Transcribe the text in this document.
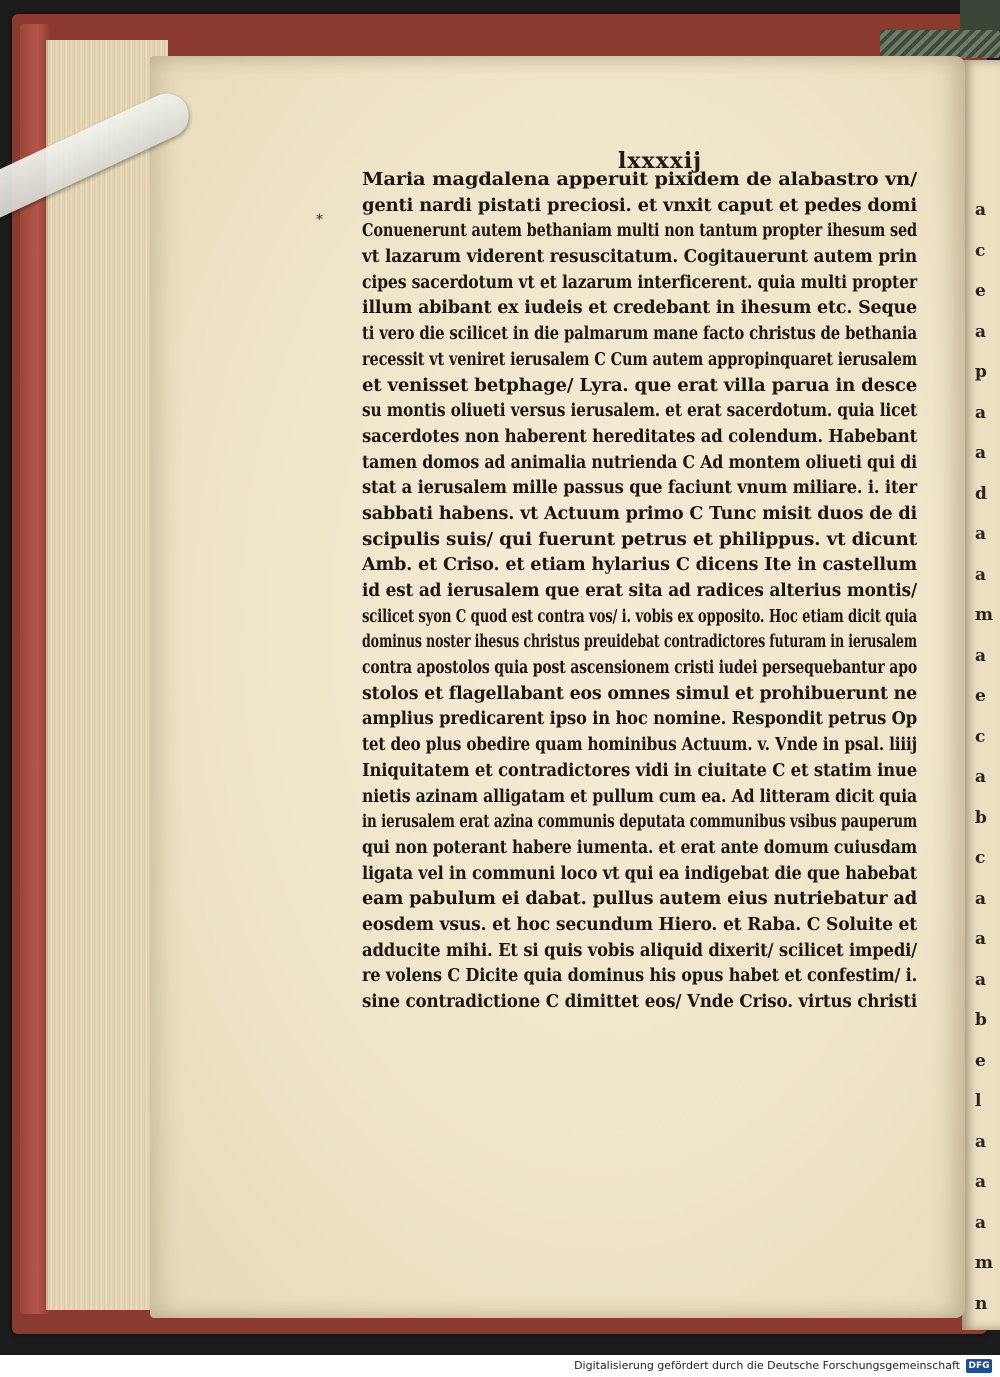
a
c
e
a
p
a
a
d
a
a
m
a
e
c
a
b
c
a
a
a
b
e
l
a
a
a
m
n
lxxxxij
*
Maria magdalena apperuit pixidem de alabastro vn/
genti nardi pistati preciosi. et vnxit caput et pedes domi
Conuenerunt autem bethaniam multi non tantum propter ihesum sed
vt lazarum viderent resuscitatum. Cogitauerunt autem prin
cipes sacerdotum vt et lazarum interficerent. quia multi propter
illum abibant ex iudeis et credebant in ihesum etc. Seque
ti vero die scilicet in die palmarum mane facto christus de bethania
recessit vt veniret ierusalem C Cum autem appropinquaret ierusalem
et venisset betphage/ Lyra. que erat villa parua in desce
su montis oliueti versus ierusalem. et erat sacerdotum. quia licet
sacerdotes non haberent hereditates ad colendum. Habebant
tamen domos ad animalia nutrienda C Ad montem oliueti qui di
stat a ierusalem mille passus que faciunt vnum miliare. i. iter
sabbati habens. vt Actuum primo C Tunc misit duos de di
scipulis suis/ qui fuerunt petrus et philippus. vt dicunt
Amb. et Criso. et etiam hylarius C dicens Ite in castellum
id est ad ierusalem que erat sita ad radices alterius montis/
scilicet syon C quod est contra vos/ i. vobis ex opposito. Hoc etiam dicit quia
dominus noster ihesus christus preuidebat contradictores futuram in ierusalem
contra apostolos quia post ascensionem cristi iudei persequebantur apo
stolos et flagellabant eos omnes simul et prohibuerunt ne
amplius predicarent ipso in hoc nomine. Respondit petrus Op
tet deo plus obedire quam hominibus Actuum. v. Vnde in psal. liiij
Iniquitatem et contradictores vidi in ciuitate C et statim inue
nietis azinam alligatam et pullum cum ea. Ad litteram dicit quia
in ierusalem erat azina communis deputata communibus vsibus pauperum
qui non poterant habere iumenta. et erat ante domum cuiusdam
ligata vel in communi loco vt qui ea indigebat die que habebat
eam pabulum ei dabat. pullus autem eius nutriebatur ad
eosdem vsus. et hoc secundum Hiero. et Raba. C Soluite et
adducite mihi. Et si quis vobis aliquid dixerit/ scilicet impedi/
re volens C Dicite quia dominus his opus habet et confestim/ i.
sine contradictione C dimittet eos/ Vnde Criso. virtus christi
Digitalisierung gefördert durch die Deutsche Forschungsgemeinschaft DFG
